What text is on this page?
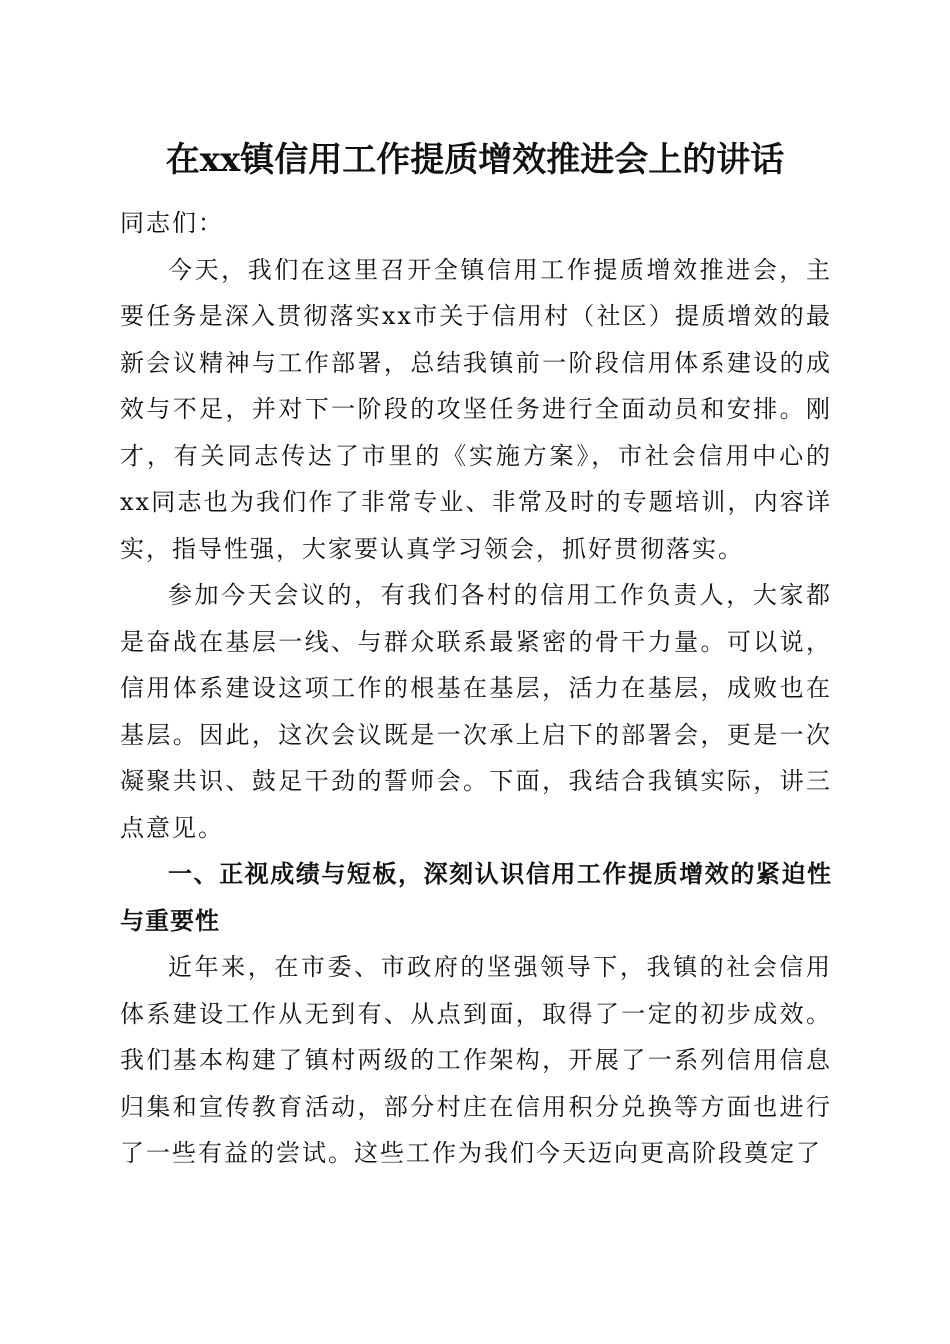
在xx镇信用工作提质增效推进会上的讲话

同志们：

今天，我们在这里召开全镇信用工作提质增效推进会，主要任务是深入贯彻落实xx市关于信用村（社区）提质增效的最新会议精神与工作部署，总结我镇前一阶段信用体系建设的成效与不足，并对下一阶段的攻坚任务进行全面动员和安排。刚才，有关同志传达了市里的《实施方案》，市社会信用中心的xx同志也为我们作了非常专业、非常及时的专题培训，内容详实，指导性强，大家要认真学习领会，抓好贯彻落实。

参加今天会议的，有我们各村的信用工作负责人，大家都是奋战在基层一线、与群众联系最紧密的骨干力量。可以说，信用体系建设这项工作的根基在基层，活力在基层，成败也在基层。因此，这次会议既是一次承上启下的部署会，更是一次凝聚共识、鼓足干劲的誓师会。下面，我结合我镇实际，讲三点意见。

一、正视成绩与短板，深刻认识信用工作提质增效的紧迫性与重要性

近年来，在市委、市政府的坚强领导下，我镇的社会信用体系建设工作从无到有、从点到面，取得了一定的初步成效。我们基本构建了镇村两级的工作架构，开展了一系列信用信息归集和宣传教育活动，部分村庄在信用积分兑换等方面也进行了一些有益的尝试。这些工作为我们今天迈向更高阶段奠定了
